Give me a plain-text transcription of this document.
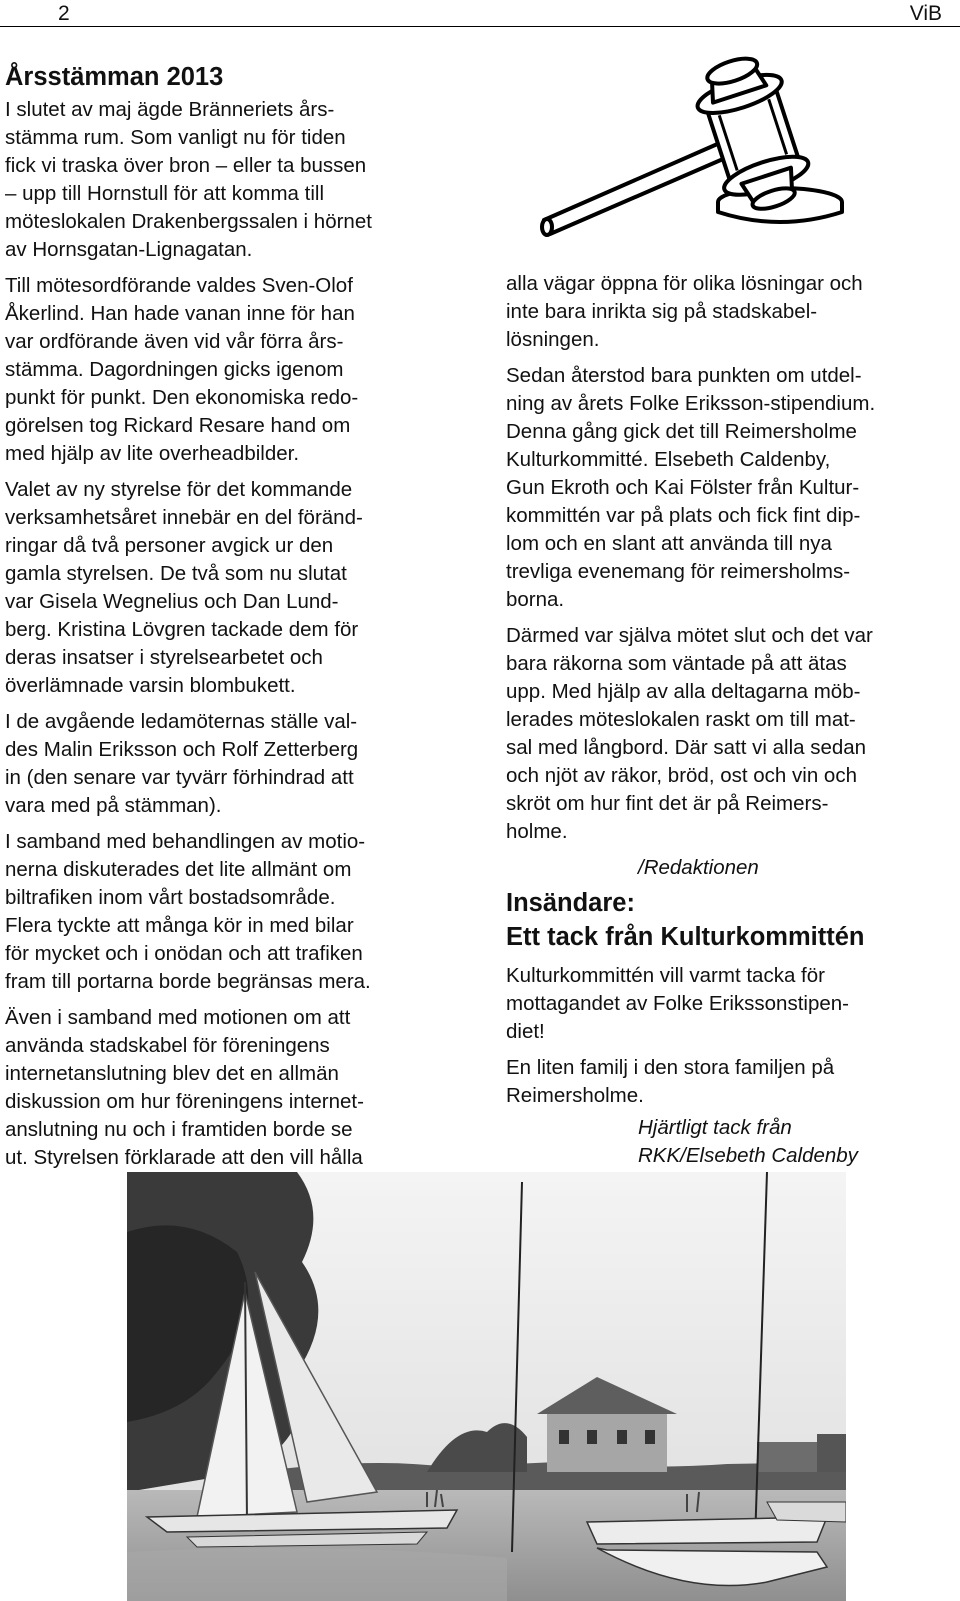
2	ViB
Årsstämman 2013

I slutet av maj ägde Bränneriets års-
stämma rum. Som vanligt nu för tiden
fick vi traska över bron – eller ta bussen
– upp till Hornstull för att komma till
möteslokalen Drakenbergssalen i hörnet
av Hornsgatan-Lignagatan.

Till mötesordförande valdes Sven-Olof
Åkerlind. Han hade vanan inne för han
var ordförande även vid vår förra års-
stämma. Dagordningen gicks igenom
punkt för punkt. Den ekonomiska redo-
görelsen tog Rickard Resare hand om
med hjälp av lite overheadbilder.

Valet av ny styrelse för det kommande
verksamhetsåret innebär en del föränd-
ringar då två personer avgick ur den
gamla styrelsen. De två som nu slutat
var Gisela Wegnelius och Dan Lund-
berg. Kristina Lövgren tackade dem för
deras insatser i styrelsearbetet och
överlämnade varsin blombukett.

I de avgående ledamöternas ställe val-
des Malin Eriksson och Rolf Zetterberg
in (den senare var tyvärr förhindrad att
vara med på stämman).

I samband med behandlingen av motio-
nerna diskuterades det lite allmänt om
biltrafiken inom vårt bostadsområde.
Flera tyckte att många kör in med bilar
för mycket och i onödan och att trafiken
fram till portarna borde begränsas mera.

Även i samband med motionen om att
använda stadskabel för föreningens
internetanslutning blev det en allmän
diskussion om hur föreningens internet-
anslutning nu och i framtiden borde se
ut. Styrelsen förklarade att den vill hålla

alla vägar öppna för olika lösningar och
inte bara inrikta sig på stadskabel-
lösningen.

Sedan återstod bara punkten om utdel-
ning av årets Folke Eriksson-stipendium.
Denna gång gick det till Reimersholme
Kulturkommitté. Elsebeth Caldenby,
Gun Ekroth och Kai Fölster från Kultur-
kommittén var på plats och fick fint dip-
lom och en slant att använda till nya
trevliga evenemang för reimersholms-
borna.

Därmed var själva mötet slut och det var
bara räkorna som väntade på att ätas
upp. Med hjälp av alla deltagarna möb-
lerades möteslokalen raskt om till mat-
sal med långbord. Där satt vi alla sedan
och njöt av räkor, bröd, ost och vin och
skröt om hur fint det är på Reimers-
holme.

/Redaktionen
Insändare:
Ett tack från Kulturkommittén

Kulturkommittén vill varmt tacka för
mottagandet av Folke Erikssonstipen-
diet!

En liten familj i den stora familjen på
Reimersholme.

Hjärtligt tack från
RKK/Elsebeth Caldenby
